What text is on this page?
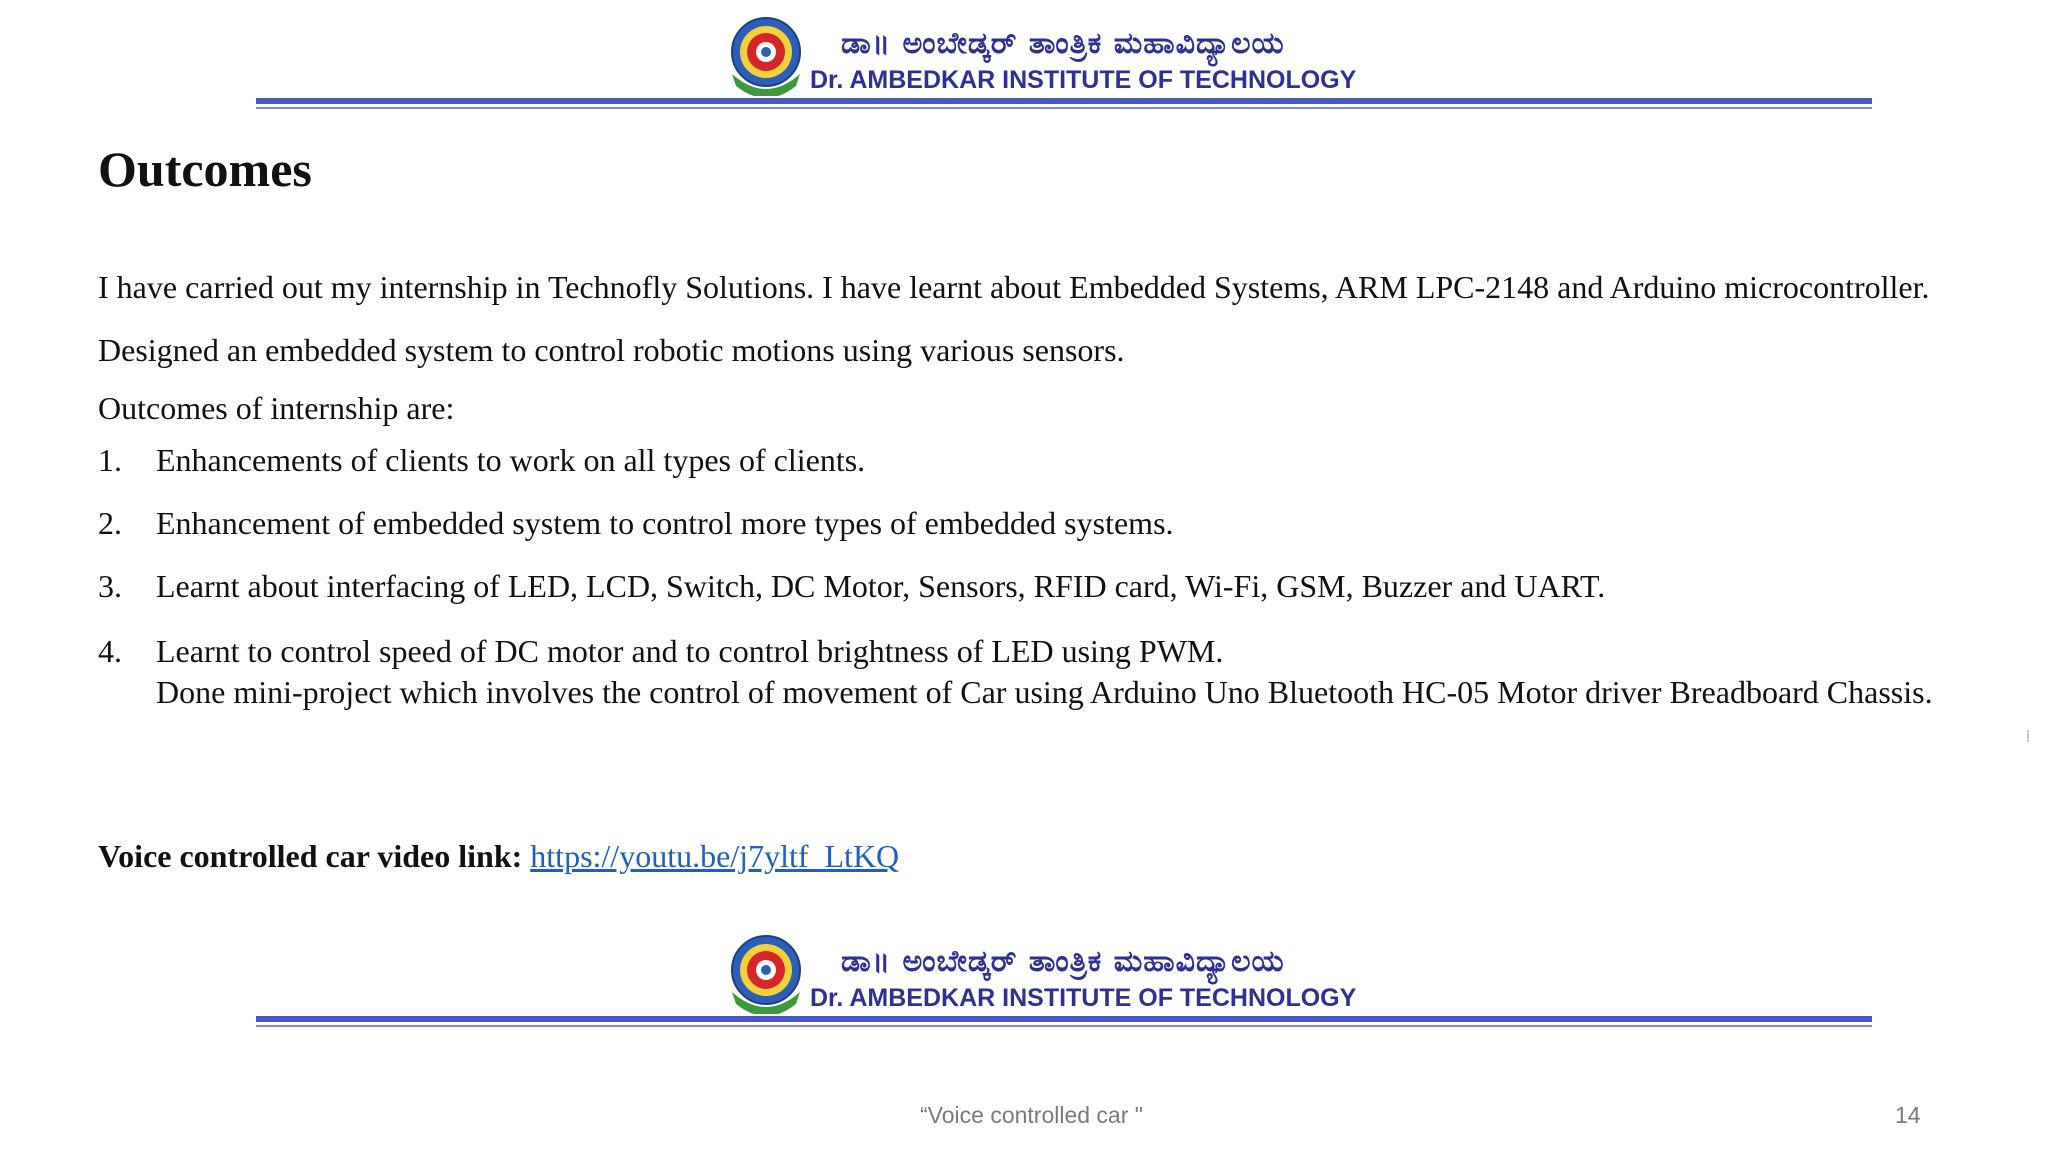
ಡಾ॥ ಅಂಬೇಡ್ಕರ್ ತಾಂತ್ರಿಕ ಮಹಾವಿದ್ಯಾಲಯ
Dr. AMBEDKAR INSTITUTE OF TECHNOLOGY
Outcomes
I have carried out my internship in Technofly Solutions. I have learnt about Embedded Systems, ARM LPC-2148 and Arduino microcontroller. Designed an embedded system to control robotic motions using various sensors.
Outcomes of internship are:
1. Enhancements of clients to work on all types of clients.
2. Enhancement of embedded system to control more types of embedded systems.
3. Learnt about interfacing of LED, LCD, Switch, DC Motor, Sensors, RFID card, Wi-Fi, GSM, Buzzer and UART.
4. Learnt to control speed of DC motor and to control brightness of LED using PWM.
Done mini-project which involves the control of movement of Car using Arduino Uno Bluetooth HC-05 Motor driver Breadboard Chassis.
Voice controlled car video link: https://youtu.be/j7yltf_LtKQ
ಡಾ॥ ಅಂಬೇಡ್ಕರ್ ತಾಂತ್ರಿಕ ಮಹಾವಿದ್ಯಾಲಯ
Dr. AMBEDKAR INSTITUTE OF TECHNOLOGY
“Voice controlled car "	14
